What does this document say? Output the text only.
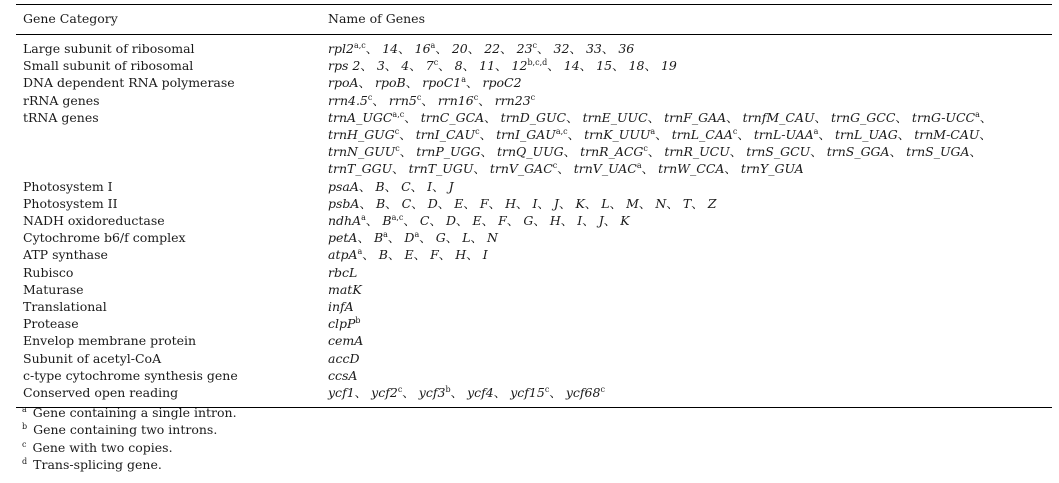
Gene Category	Name of Genes
Large subunit of ribosomal	rpl2$^{a,c}$、 14、 16$^a$、 20、 22、 23$^c$、 32、 33、 36
Small subunit of ribosomal	rps 2、 3、 4、 7$^c$、 8、 11、 12$^{b,c,d}$、 14、 15、 18、 19
DNA dependent RNA polymerase	rpoA、 rpoB、 rpoC1$^a$、 rpoC2
rRNA genes	rrn4.5$^c$、 rrn5$^c$、 rrn16$^c$、 rrn23$^c$
tRNA genes	trnA_UGC$^{a,c}$、 trnC_GCA、 trnD_GUC、 trnE_UUC、 trnF_GAA、 trnfM_CAU、 trnG_GCC、 trnG-UCC$^a$、 trnH_GUG$^c$、 trnI_CAU$^c$、 trnI_GAU$^{a,c}$、 trnK_UUU$^a$、 trnL_CAA$^c$、 trnL-UAA$^a$、 trnL_UAG、 trnM-CAU、 trnN_GUU$^c$、 trnP_UGG、 trnQ_UUG、 trnR_ACG$^c$、 trnR_UCU、 trnS_GCU、 trnS_GGA、 trnS_UGA、 trnT_GGU、 trnT_UGU、 trnV_GAC$^c$、 trnV_UAC$^a$、 trnW_CCA、 trnY_GUA
Photosystem I	psaA、 B、 C、 I、 J
Photosystem II	psbA、 B、 C、 D、 E、 F、 H、 I、 J、 K、 L、 M、 N、 T、 Z
NADH oxidoreductase	ndhA$^a$、 B$^{a,c}$、 C、 D、 E、 F、 G、 H、 I、 J、 K
Cytochrome b6/f complex	petA、 $B^a$、 $D^a$、 G、 L、 N
ATP synthase	atpA$^a$、 B、 E、 F、 H、 I
Rubisco	rbcL
Maturase	matK
Translational	infA
Protease	clpP$^b$
Envelop membrane protein	cemA
Subunit of acetyl-CoA	accD
c-type cytochrome synthesis gene	ccsA
Conserved open reading	ycf1、 ycf2$^c$、 ycf3$^b$、 ycf4、 ycf15$^c$、 ycf68$^c$
$^a$ Gene containing a single intron.
$^b$ Gene containing two introns.
$^c$ Gene with two copies.
$^d$ Trans-splicing gene.
